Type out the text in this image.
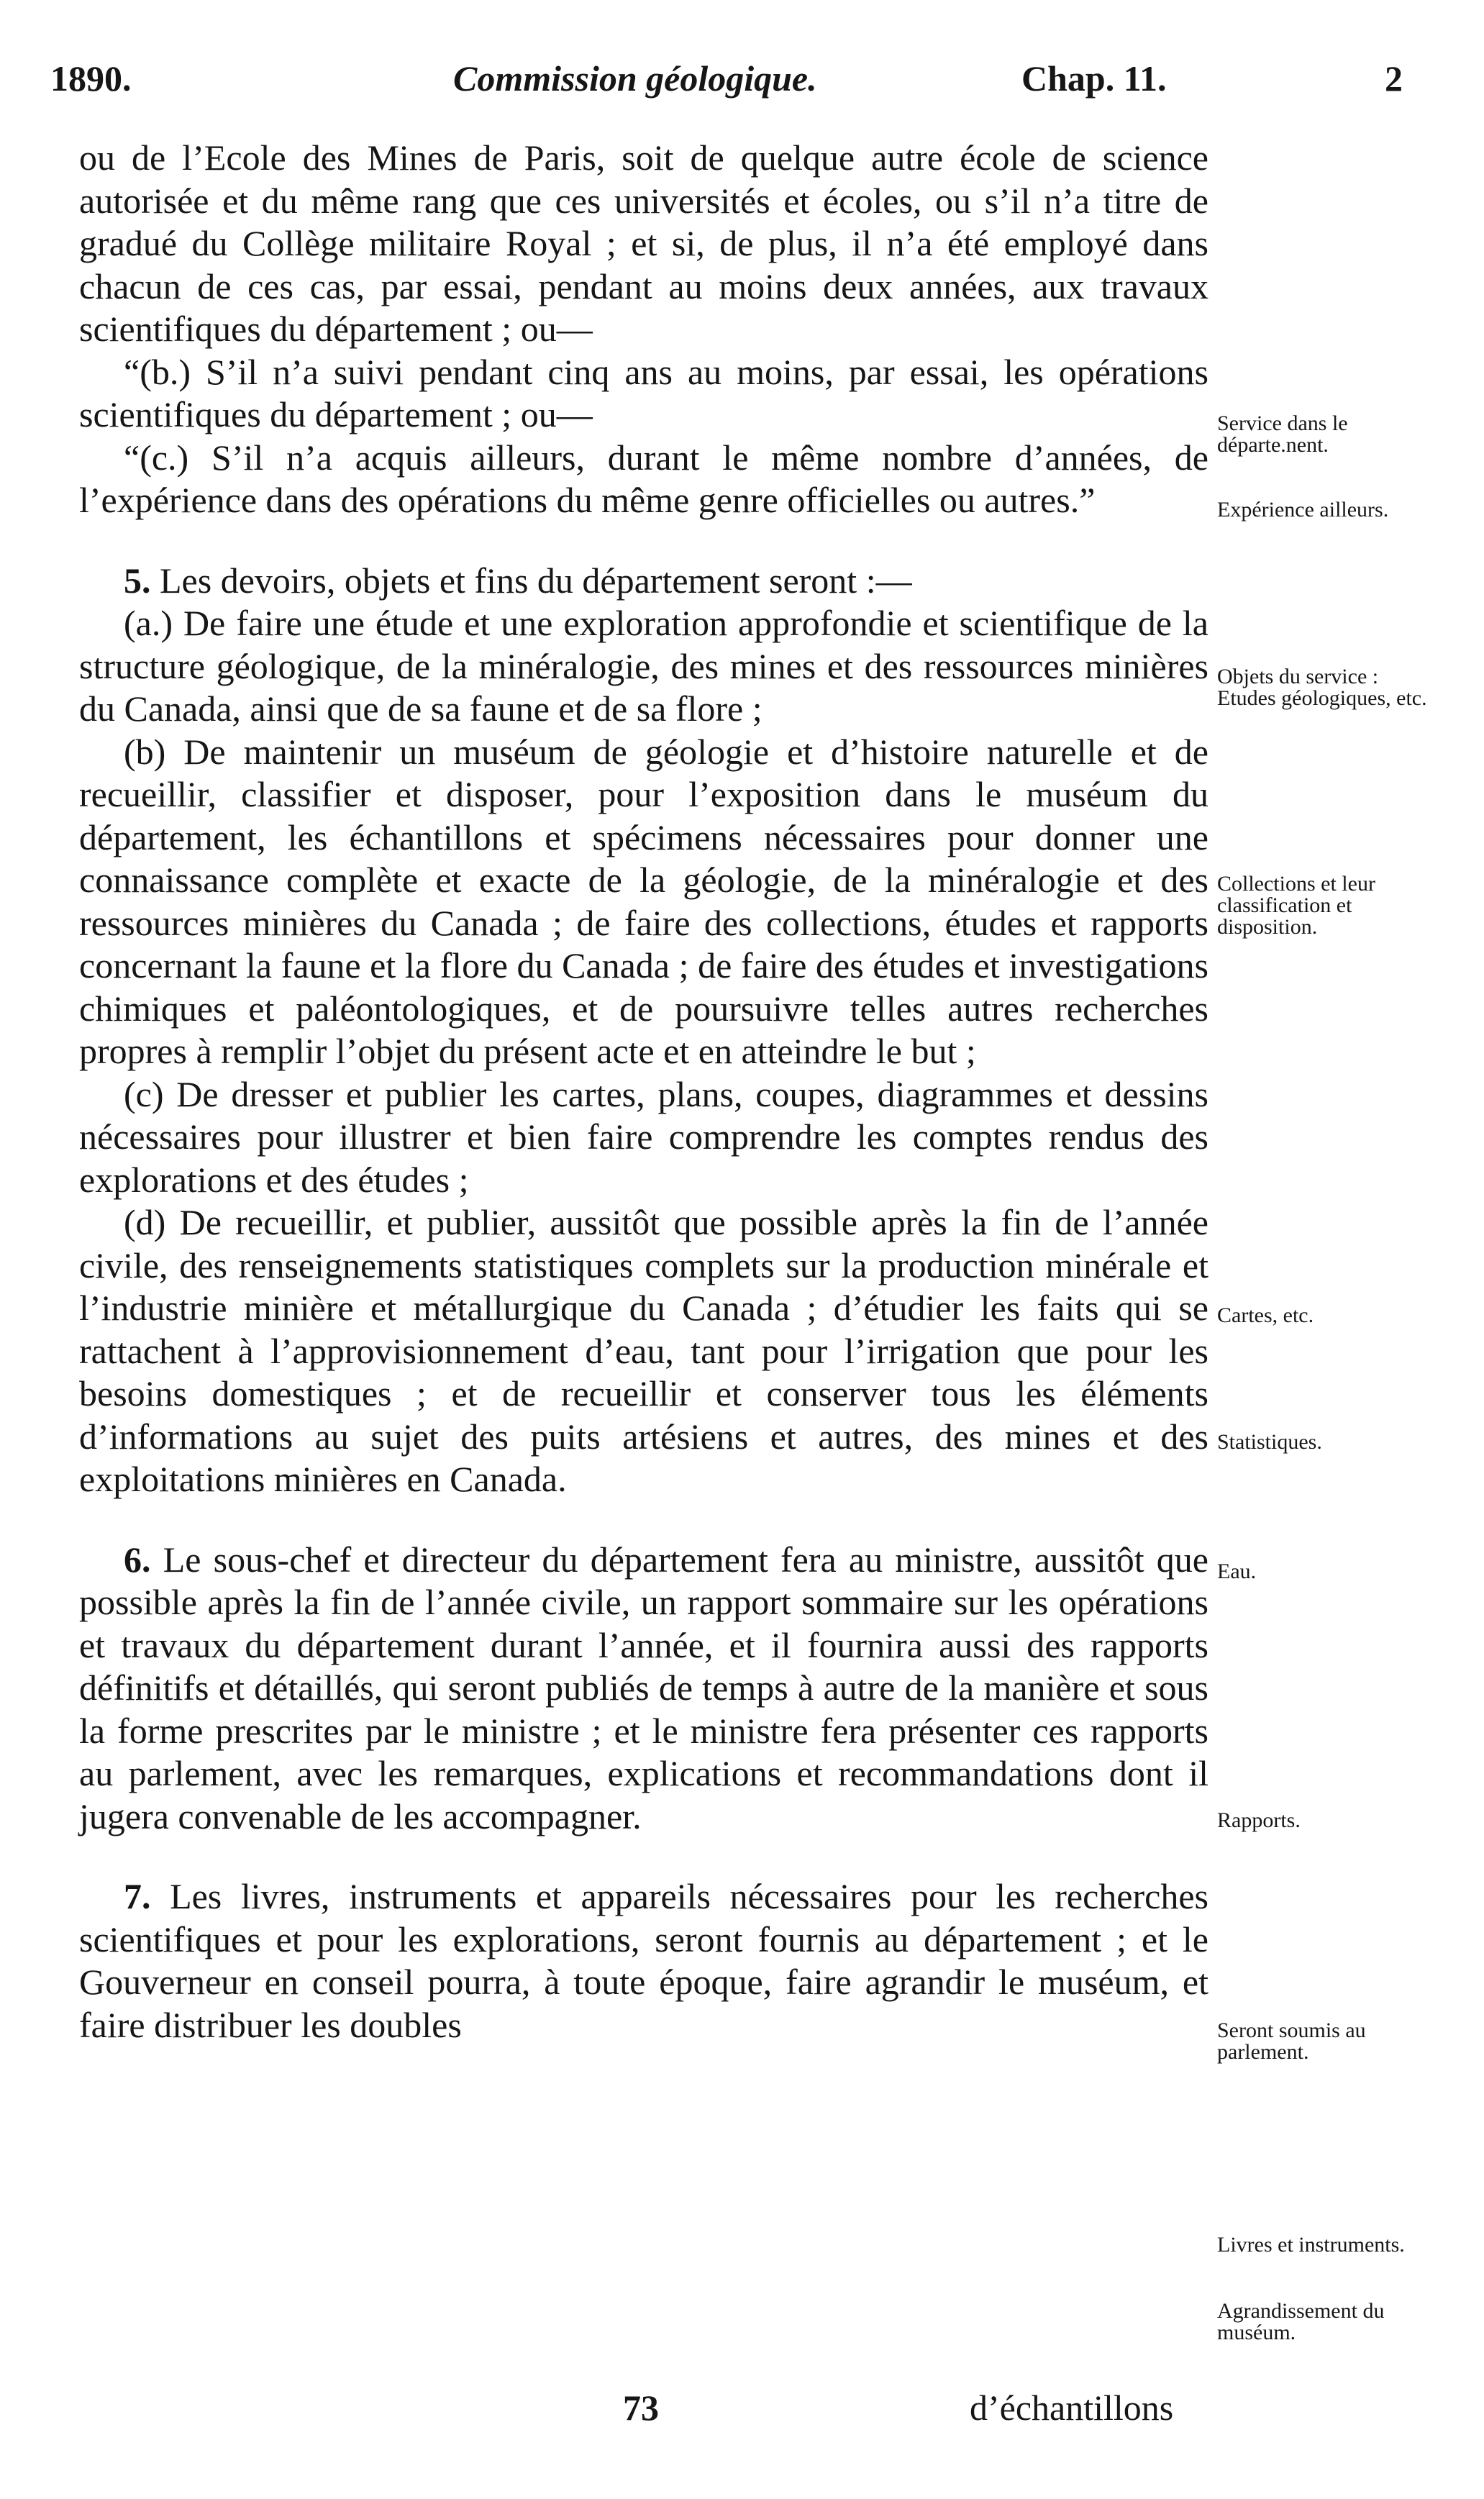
1890.	Commission géologique.	Chap. 11.	2

ou de l’Ecole des Mines de Paris, soit de quelque autre école de science autorisée et du même rang que ces universités et écoles, ou s’il n’a titre de gradué du Collège militaire Royal ; et si, de plus, il n’a été employé dans chacun de ces cas, par essai, pendant au moins deux années, aux travaux scientifiques du département ; ou—

“(b.) S’il n’a suivi pendant cinq ans au moins, par essai, les opérations scientifiques du département ; ou—

“(c.) S’il n’a acquis ailleurs, durant le même nombre d’années, de l’expérience dans des opérations du même genre officielles ou autres.”

5. Les devoirs, objets et fins du département seront :—

(a.) De faire une étude et une exploration approfondie et scientifique de la structure géologique, de la minéralogie, des mines et des ressources minières du Canada, ainsi que de sa faune et de sa flore ;

(b) De maintenir un muséum de géologie et d’histoire naturelle et de recueillir, classifier et disposer, pour l’exposition dans le muséum du département, les échantillons et spécimens nécessaires pour donner une connaissance complète et exacte de la géologie, de la minéralogie et des ressources minières du Canada ; de faire des collections, études et rapports concernant la faune et la flore du Canada ; de faire des études et investigations chimiques et paléontologiques, et de poursuivre telles autres recherches propres à remplir l’objet du présent acte et en atteindre le but ;

(c) De dresser et publier les cartes, plans, coupes, diagrammes et dessins nécessaires pour illustrer et bien faire comprendre les comptes rendus des explorations et des études ;

(d) De recueillir, et publier, aussitôt que possible après la fin de l’année civile, des renseignements statistiques complets sur la production minérale et l’industrie minière et métallurgique du Canada ; d’étudier les faits qui se rattachent à l’approvisionnement d’eau, tant pour l’irrigation que pour les besoins domestiques ; et de recueillir et conserver tous les éléments d’informations au sujet des puits artésiens et autres, des mines et des exploitations minières en Canada.

6. Le sous-chef et directeur du département fera au ministre, aussitôt que possible après la fin de l’année civile, un rapport sommaire sur les opérations et travaux du département durant l’année, et il fournira aussi des rapports définitifs et détaillés, qui seront publiés de temps à autre de la manière et sous la forme prescrites par le ministre ; et le ministre fera présenter ces rapports au parlement, avec les remarques, explications et recommandations dont il jugera convenable de les accompagner.

7. Les livres, instruments et appareils nécessaires pour les recherches scientifiques et pour les explorations, seront fournis au département ; et le Gouverneur en conseil pourra, à toute époque, faire agrandir le muséum, et faire distribuer les doubles

Service dans le départe.nent.
Expérience ailleurs.
Objets du service : Etudes géologiques, etc.
Collections et leur classification et disposition.
Cartes, etc.
Statistiques.
Eau.
Rapports.
Seront soumis au parlement.
Livres et instruments.
Agrandissement du muséum.
73	d’échantillons
